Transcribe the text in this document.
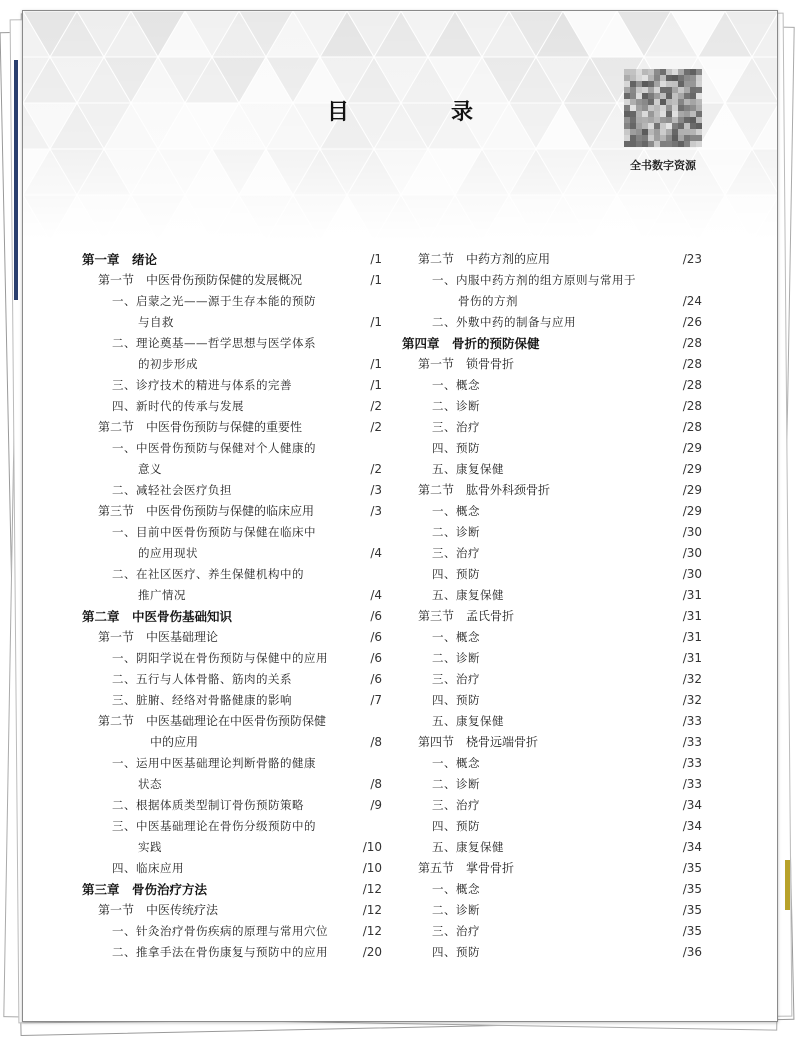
目　录
全书数字资源
第一章　绪论	/1
第一节　中医骨伤预防保健的发展概况	/1
一、启蒙之光——源于生存本能的预防
与自救	/1
二、理论奠基——哲学思想与医学体系
的初步形成	/1
三、诊疗技术的精进与体系的完善	/1
四、新时代的传承与发展	/2
第二节　中医骨伤预防与保健的重要性	/2
一、中医骨伤预防与保健对个人健康的
意义	/2
二、减轻社会医疗负担	/3
第三节　中医骨伤预防与保健的临床应用	/3
一、目前中医骨伤预防与保健在临床中
的应用现状	/4
二、在社区医疗、养生保健机构中的
推广情况	/4
第二章　中医骨伤基础知识	/6
第一节　中医基础理论	/6
一、阴阳学说在骨伤预防与保健中的应用	/6
二、五行与人体骨骼、筋肉的关系	/6
三、脏腑、经络对骨骼健康的影响	/7
第二节　中医基础理论在中医骨伤预防保健
中的应用	/8
一、运用中医基础理论判断骨骼的健康
状态	/8
二、根据体质类型制订骨伤预防策略	/9
三、中医基础理论在骨伤分级预防中的
实践	/10
四、临床应用	/10
第三章　骨伤治疗方法	/12
第一节　中医传统疗法	/12
一、针灸治疗骨伤疾病的原理与常用穴位	/12
二、推拿手法在骨伤康复与预防中的应用	/20
第二节　中药方剂的应用	/23
一、内服中药方剂的组方原则与常用于
骨伤的方剂	/24
二、外敷中药的制备与应用	/26
第四章　骨折的预防保健	/28
第一节　锁骨骨折	/28
一、概念	/28
二、诊断	/28
三、治疗	/28
四、预防	/29
五、康复保健	/29
第二节　肱骨外科颈骨折	/29
一、概念	/29
二、诊断	/30
三、治疗	/30
四、预防	/30
五、康复保健	/31
第三节　孟氏骨折	/31
一、概念	/31
二、诊断	/31
三、治疗	/32
四、预防	/32
五、康复保健	/33
第四节　桡骨远端骨折	/33
一、概念	/33
二、诊断	/33
三、治疗	/34
四、预防	/34
五、康复保健	/34
第五节　掌骨骨折	/35
一、概念	/35
二、诊断	/35
三、治疗	/35
四、预防	/36
